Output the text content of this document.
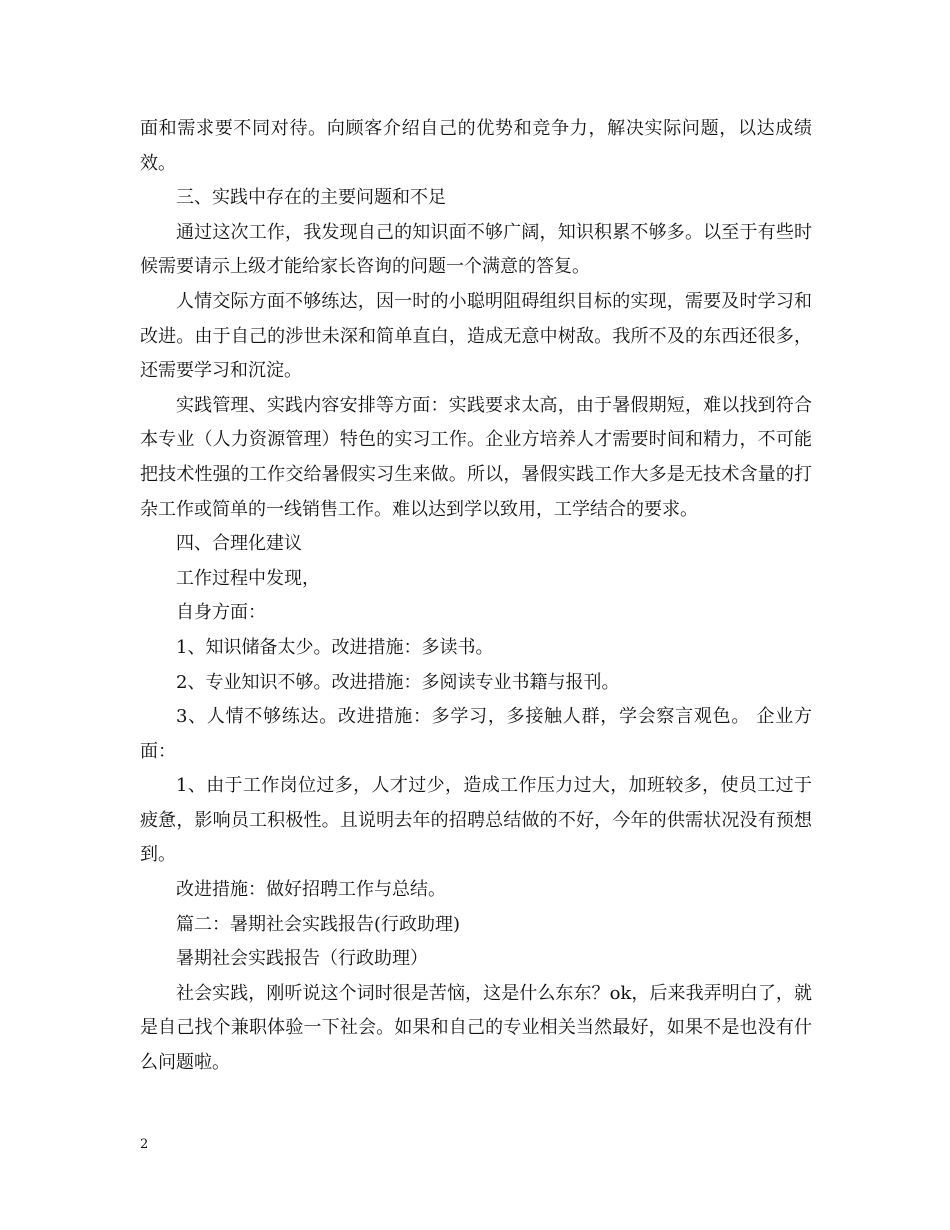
面和需求要不同对待。向顾客介绍自己的优势和竞争力，解决实际问题，以达成绩效。

三、实践中存在的主要问题和不足

通过这次工作，我发现自己的知识面不够广阔，知识积累不够多。以至于有些时候需要请示上级才能给家长咨询的问题一个满意的答复。

人情交际方面不够练达，因一时的小聪明阻碍组织目标的实现，需要及时学习和改进。由于自己的涉世未深和简单直白，造成无意中树敌。我所不及的东西还很多，还需要学习和沉淀。

实践管理、实践内容安排等方面：实践要求太高，由于暑假期短，难以找到符合本专业（人力资源管理）特色的实习工作。企业方培养人才需要时间和精力，不可能把技术性强的工作交给暑假实习生来做。所以，暑假实践工作大多是无技术含量的打杂工作或简单的一线销售工作。难以达到学以致用，工学结合的要求。

四、合理化建议

工作过程中发现，

自身方面：

1、知识储备太少。改进措施：多读书。

2、专业知识不够。改进措施：多阅读专业书籍与报刊。

3、人情不够练达。改进措施：多学习，多接触人群，学会察言观色。 企业方面：

1、由于工作岗位过多，人才过少，造成工作压力过大，加班较多，使员工过于疲惫，影响员工积极性。且说明去年的招聘总结做的不好，今年的供需状况没有预想到。

改进措施：做好招聘工作与总结。

篇二：暑期社会实践报告(行政助理)

暑期社会实践报告（行政助理）

社会实践，刚听说这个词时很是苦恼，这是什么东东？ok，后来我弄明白了，就是自己找个兼职体验一下社会。如果和自己的专业相关当然最好，如果不是也没有什么问题啦。

2
